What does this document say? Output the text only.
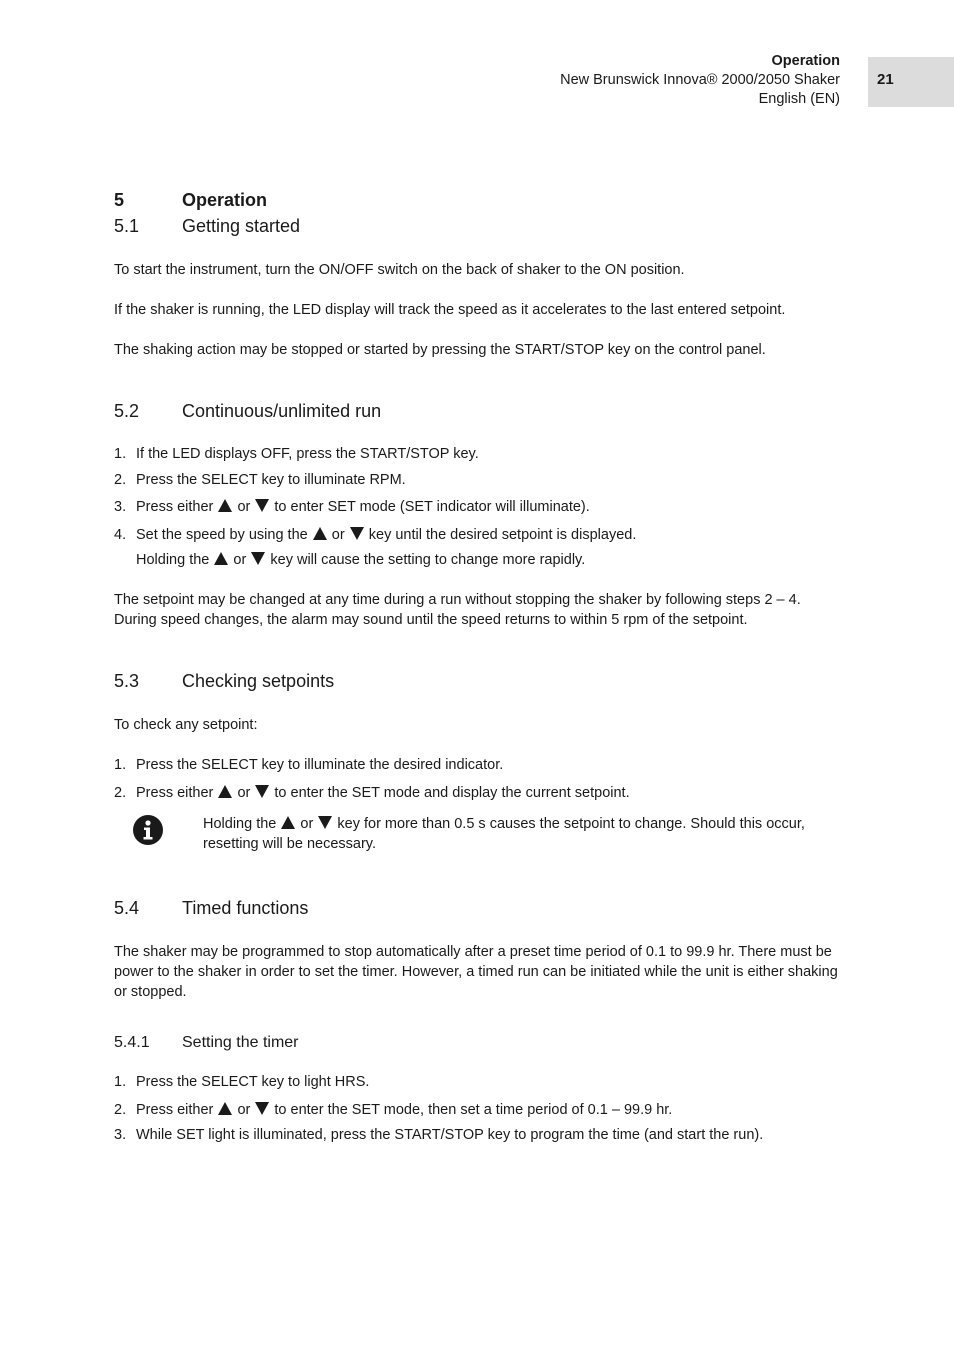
Operation
New Brunswick Innova® 2000/2050 Shaker
English (EN)
21
5	Operation
5.1 Getting started
To start the instrument, turn the ON/OFF switch on the back of shaker to the ON position.
If the shaker is running, the LED display will track the speed as it accelerates to the last entered setpoint.
The shaking action may be stopped or started by pressing the START/STOP key on the control panel.
5.2 Continuous/unlimited run
1. If the LED displays OFF, press the START/STOP key.
2. Press the SELECT key to illuminate RPM.
3. Press either or to enter SET mode (SET indicator will illuminate).
4. Set the speed by using the or key until the desired setpoint is displayed.
Holding the or key will cause the setting to change more rapidly.
The setpoint may be changed at any time during a run without stopping the shaker by following steps 2 – 4.
During speed changes, the alarm may sound until the speed returns to within 5 rpm of the setpoint.
5.3 Checking setpoints
To check any setpoint:
1. Press the SELECT key to illuminate the desired indicator.
2. Press either or to enter the SET mode and display the current setpoint.
Holding the or key for more than 0.5 s causes the setpoint to change. Should this occur,
resetting will be necessary.
5.4 Timed functions
The shaker may be programmed to stop automatically after a preset time period of 0.1 to 99.9 hr. There must be power to the shaker in order to set the timer. However, a timed run can be initiated while the unit is either shaking or stopped.
5.4.1 Setting the timer
1. Press the SELECT key to light HRS.
2. Press either or to enter the SET mode, then set a time period of 0.1 – 99.9 hr.
3. While SET light is illuminated, press the START/STOP key to program the time (and start the run).
